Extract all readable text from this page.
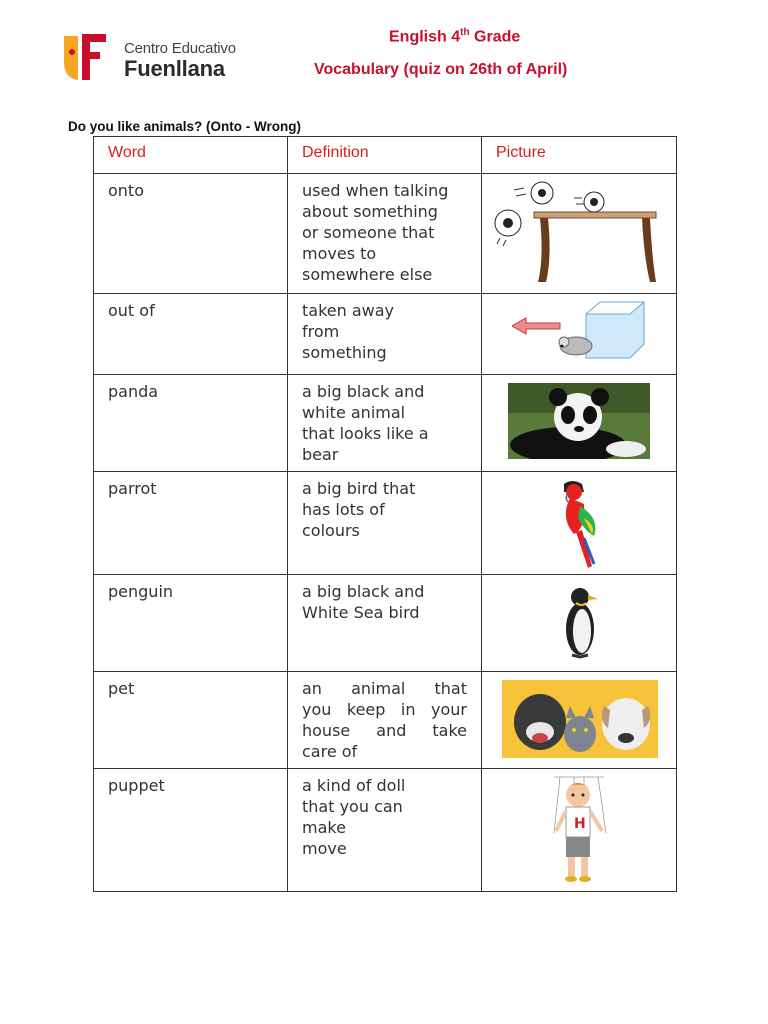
Centro Educativo
Fuenllana
English 4th Grade
Vocabulary (quiz on 26th of April)
Do you like animals? (Onto - Wrong)
Word	Definition	Picture

onto	used when talking
about something
or someone that
moves to
somewhere else

out of	taken away
from
something

panda	a big black and
white animal
that looks like a
bear

parrot	a big bird that
has lots of
colours

penguin	a big black and
White Sea bird

pet	an animal that
you keep in your
house and take
care of

puppet	a kind of doll
that you can
make
move	H
